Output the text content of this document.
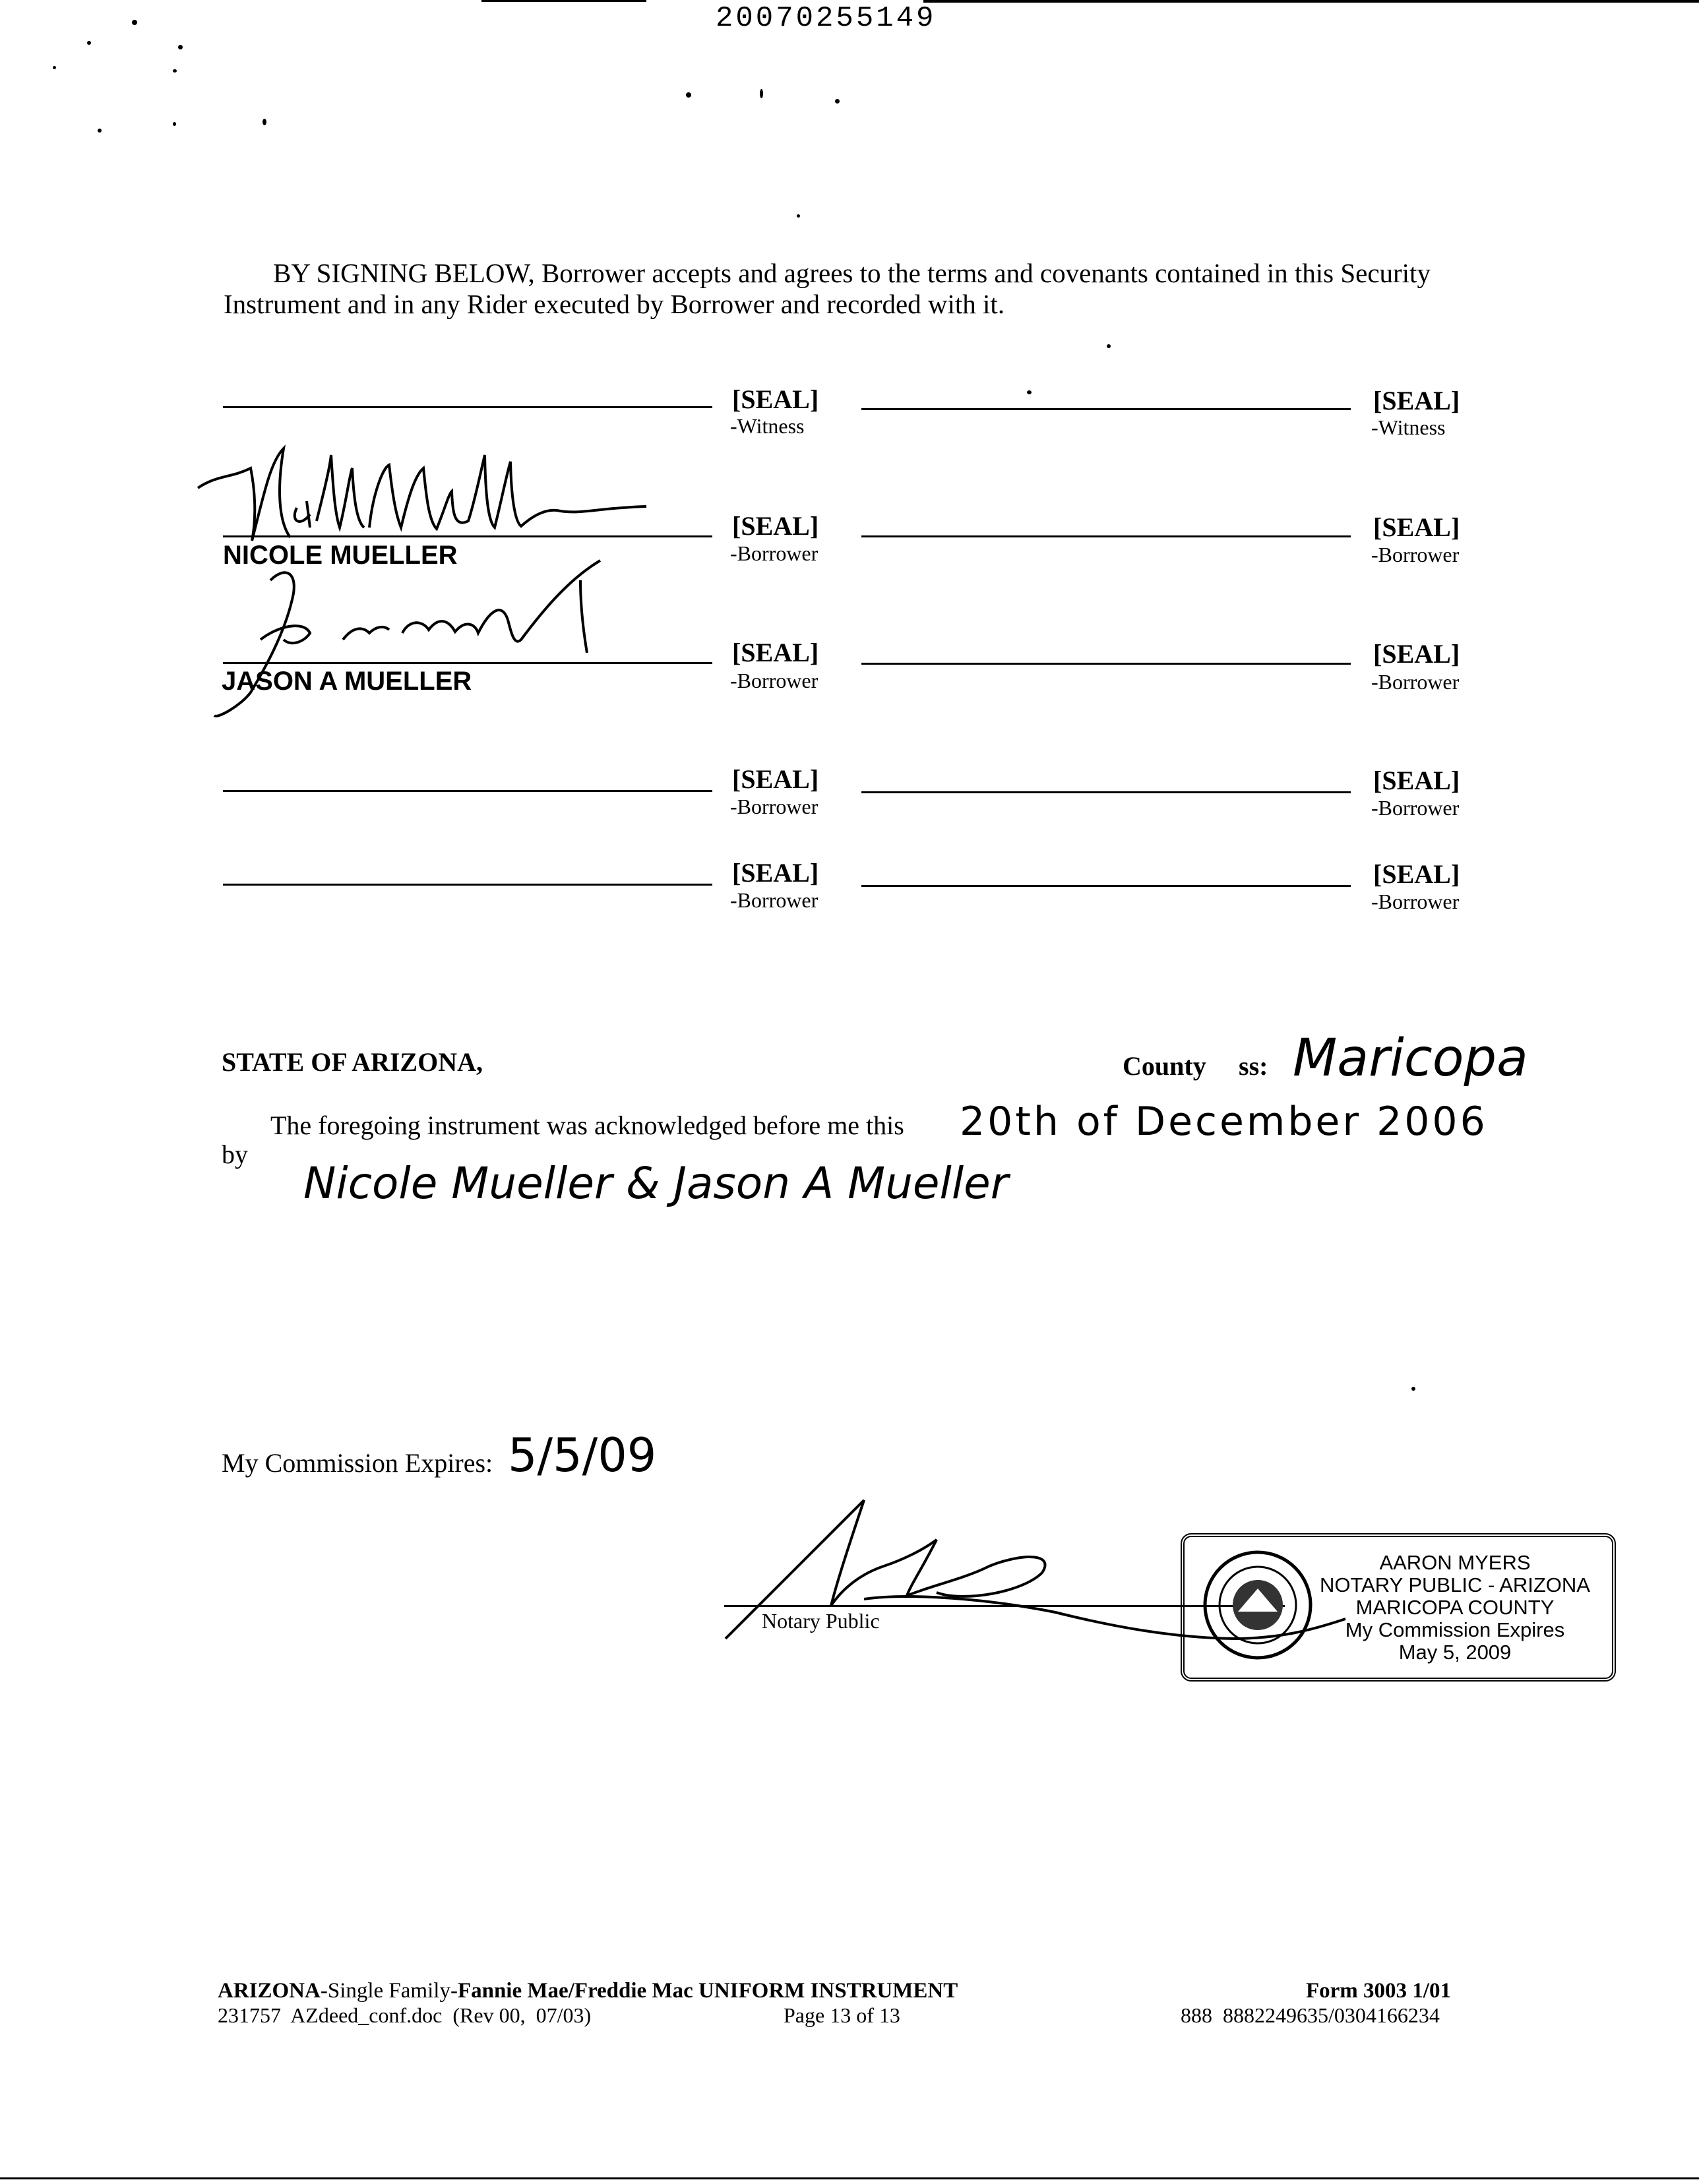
20070255149
BY SIGNING BELOW, Borrower accepts and agrees to the terms and covenants contained in this Security
Instrument and in any Rider executed by Borrower and recorded with it.
[SEAL]
-Witness
[SEAL]
-Witness
NICOLE MUELLER
[SEAL]
-Borrower
[SEAL]
-Borrower
JASON A MUELLER
[SEAL]
-Borrower
[SEAL]
-Borrower
[SEAL]
-Borrower
[SEAL]
-Borrower
[SEAL]
-Borrower
[SEAL]
-Borrower
STATE OF ARIZONA,	County ss: Maricopa
The foregoing instrument was acknowledged before me this 20th of December 2006
by
Nicole Mueller & Jason A Mueller
My Commission Expires: 5/5/09
Notary Public
AARON MYERS
NOTARY PUBLIC - ARIZONA
MARICOPA COUNTY
My Commission Expires
May 5, 2009
ARIZONA-Single Family-Fannie Mae/Freddie Mac UNIFORM INSTRUMENT
231757  AZdeed_conf.doc  (Rev 00,  07/03)	Page 13 of 13
Form 3003 1/01
888  8882249635/0304166234
